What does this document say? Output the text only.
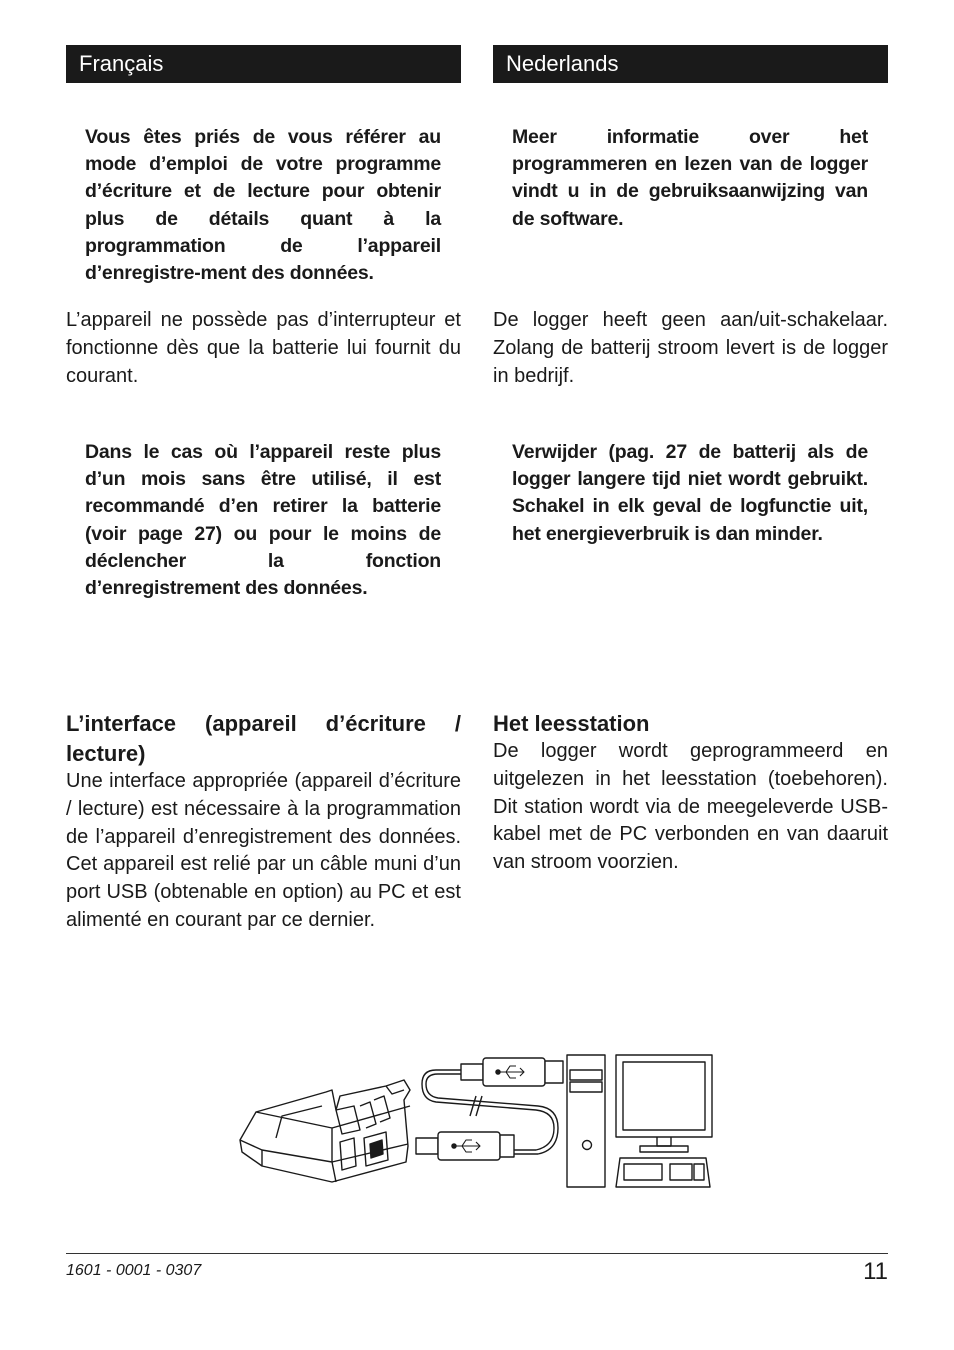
Français	Nederlands
Vous êtes priés de vous référer au mode d’emploi de votre programme d’écriture et de lecture pour obtenir plus de détails quant à la programmation de l’appareil d’enregistre-ment des données.
L’appareil ne possède pas d’interrupteur et fonctionne dès que la batterie lui fournit du courant.
Dans le cas où l’appareil reste plus d’un mois sans être utilisé, il est recommandé d’en retirer la batterie (voir page 27) ou pour le moins de déclencher la fonction d’enregistrement des données.
L’interface (appareil d’écriture / lecture)
Une interface appropriée (appareil d’écriture / lecture) est nécessaire à la programmation de l’appareil d’enregistrement des données. Cet appareil est relié par un câble muni d’un port USB (obtenable en option) au PC et est alimenté en courant par ce dernier.
Meer informatie over het programmeren en lezen van de logger vindt u in de gebruiksaanwijzing van de software.
De logger heeft geen aan/uit-schakelaar. Zolang de batterij stroom levert is de logger in bedrijf.
Verwijder (pag. 27 de batterij als de logger langere tijd niet wordt gebruikt. Schakel in elk geval de logfunctie uit, het energieverbruik is dan minder.
Het leesstation
De logger wordt geprogrammeerd en uitgelezen in het leesstation (toebehoren). Dit station wordt via de meegeleverde USB-kabel met de PC verbonden en van daaruit van stroom voorzien.
1601 - 0001 - 0307	11
